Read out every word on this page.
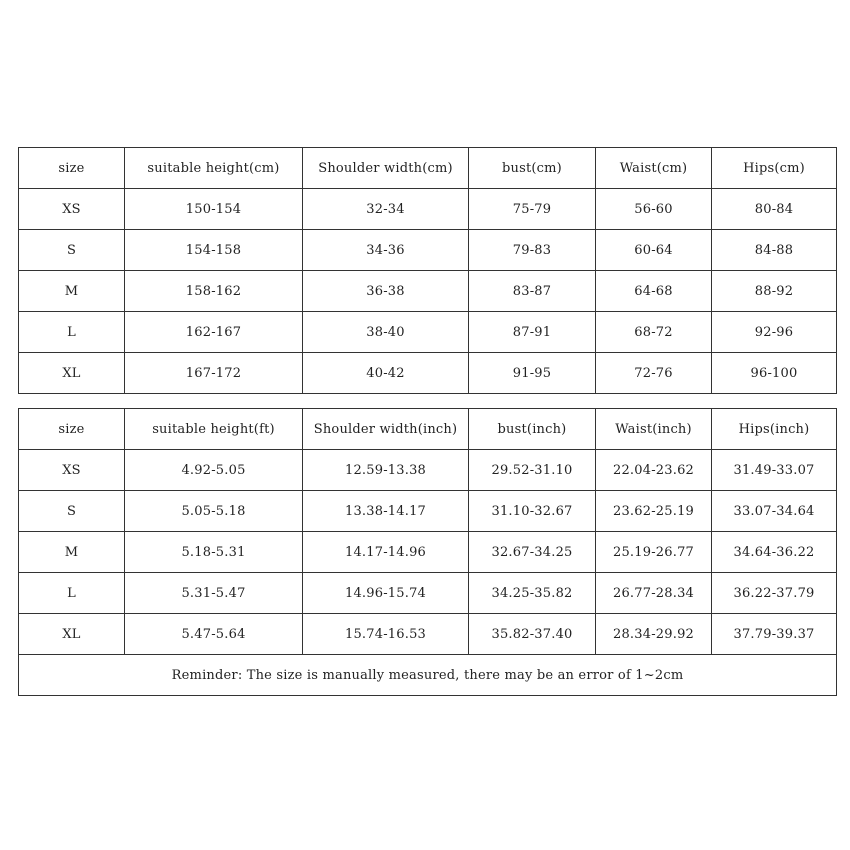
size	suitable height(cm)	Shoulder width(cm)	bust(cm)	Waist(cm)	Hips(cm)
XS	150-154	32-34	75-79	56-60	80-84
S	154-158	34-36	79-83	60-64	84-88
M	158-162	36-38	83-87	64-68	88-92
L	162-167	38-40	87-91	68-72	92-96
XL	167-172	40-42	91-95	72-76	96-100
size	suitable height(ft)	Shoulder width(inch)	bust(inch)	Waist(inch)	Hips(inch)
XS	4.92-5.05	12.59-13.38	29.52-31.10	22.04-23.62	31.49-33.07
S	5.05-5.18	13.38-14.17	31.10-32.67	23.62-25.19	33.07-34.64
M	5.18-5.31	14.17-14.96	32.67-34.25	25.19-26.77	34.64-36.22
L	5.31-5.47	14.96-15.74	34.25-35.82	26.77-28.34	36.22-37.79
XL	5.47-5.64	15.74-16.53	35.82-37.40	28.34-29.92	37.79-39.37
Reminder: The size is manually measured, there may be an error of 1~2cm					
